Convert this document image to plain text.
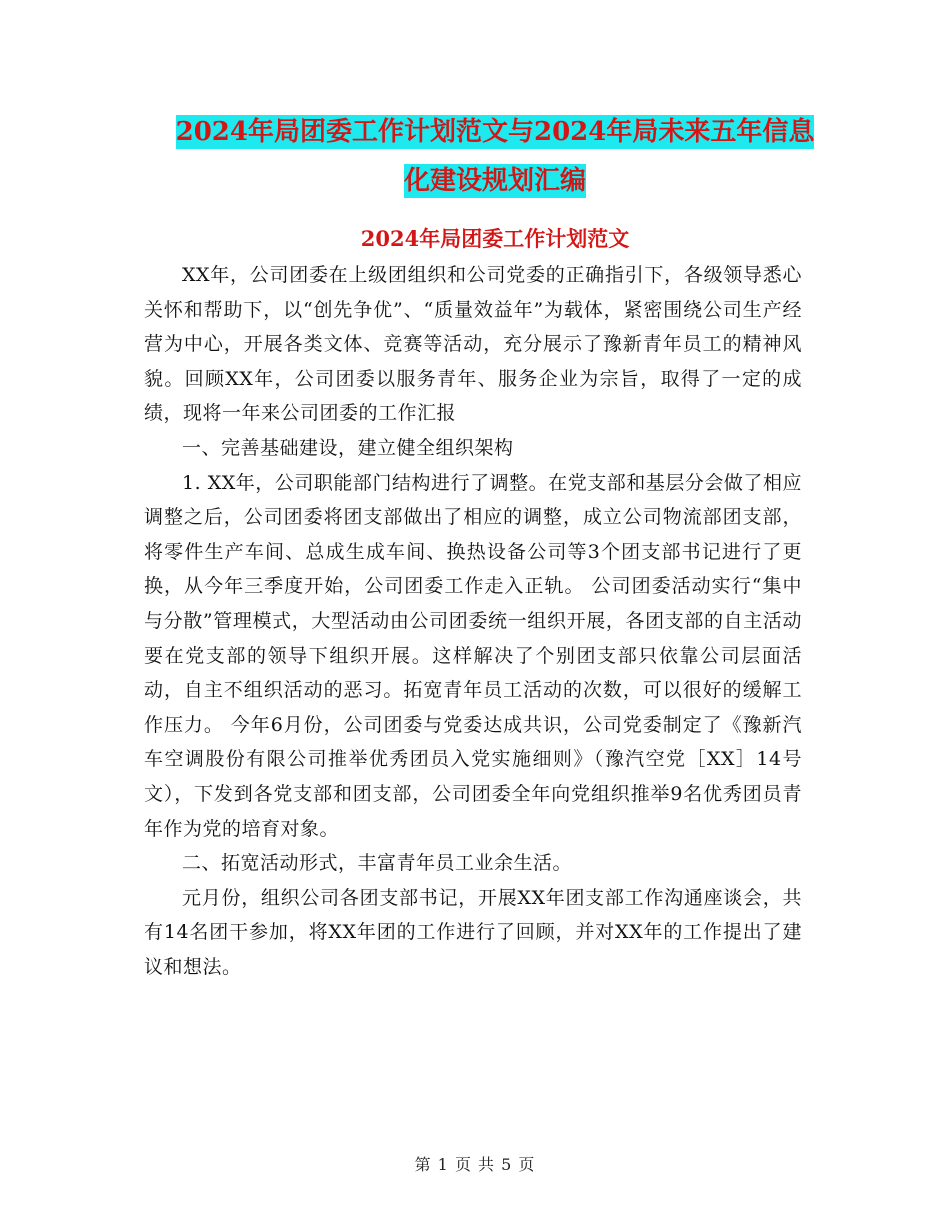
2024年局团委工作计划范文与2024年局未来五年信息
化建设规划汇编
2024年局团委工作计划范文

XX年，公司团委在上级团组织和公司党委的正确指引下，各级领导悉心关怀和帮助下，以“创先争优”、“质量效益年”为载体，紧密围绕公司生产经营为中心，开展各类文体、竞赛等活动，充分展示了豫新青年员工的精神风貌。回顾XX年，公司团委以服务青年、服务企业为宗旨，取得了一定的成绩，现将一年来公司团委的工作汇报

一、完善基础建设，建立健全组织架构

1. XX年，公司职能部门结构进行了调整。在党支部和基层分会做了相应调整之后，公司团委将团支部做出了相应的调整，成立公司物流部团支部，将零件生产车间、总成生成车间、换热设备公司等3个团支部书记进行了更换，从今年三季度开始，公司团委工作走入正轨。 公司团委活动实行“集中与分散”管理模式，大型活动由公司团委统一组织开展，各团支部的自主活动要在党支部的领导下组织开展。这样解决了个别团支部只依靠公司层面活动，自主不组织活动的恶习。拓宽青年员工活动的次数，可以很好的缓解工作压力。 今年6月份，公司团委与党委达成共识，公司党委制定了《豫新汽车空调股份有限公司推举优秀团员入党实施细则》（豫汽空党［XX］14号文），下发到各党支部和团支部，公司团委全年向党组织推举9名优秀团员青年作为党的培育对象。

二、拓宽活动形式，丰富青年员工业余生活。

元月份，组织公司各团支部书记，开展XX年团支部工作沟通座谈会，共有14名团干参加，将XX年团的工作进行了回顾，并对XX年的工作提出了建议和想法。

第 1 页 共 5 页
